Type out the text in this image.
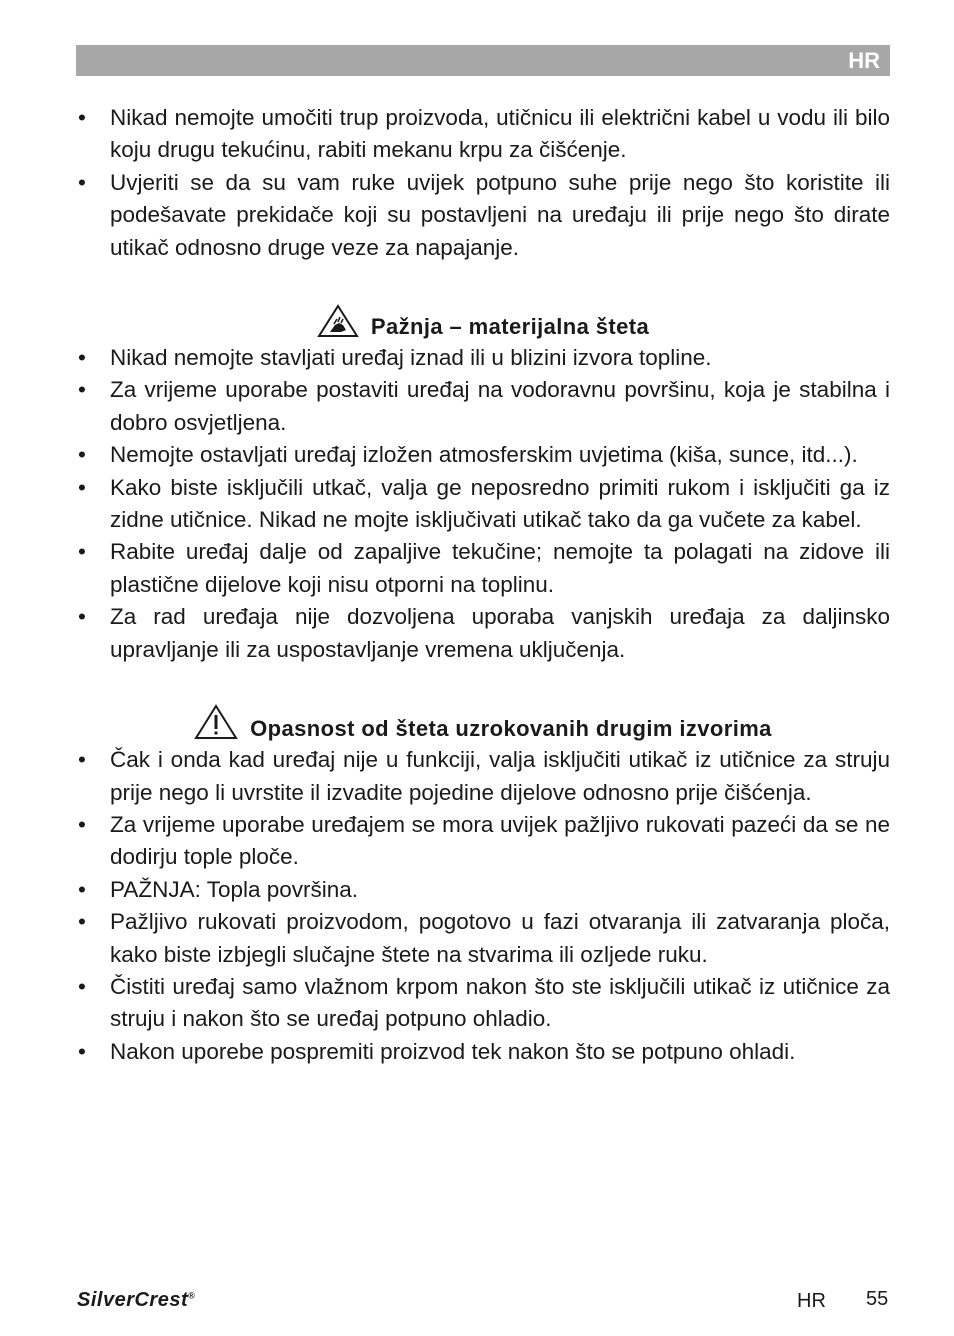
HR
• Nikad nemojte umočiti trup proizvoda, utičnicu ili električni kabel u vodu ili bilo koju drugu tekućinu, rabiti mekanu krpu za čišćenje.
• Uvjeriti se da su vam ruke uvijek potpuno suhe prije nego što koristite ili podešavate prekidače koji su postavljeni na uređaju ili prije nego što dirate utikač odnosno druge veze za napajanje.
Pažnja – materijalna šteta
• Nikad nemojte stavljati uređaj iznad ili u blizini izvora topline.
• Za vrijeme uporabe postaviti uređaj na vodoravnu površinu, koja je stabilna i dobro osvjetljena.
• Nemojte ostavljati uređaj izložen atmosferskim uvjetima (kiša, sunce, itd...).
• Kako biste isključili utkač, valja ge neposredno primiti rukom i isključiti ga iz zidne utičnice. Nikad ne mojte isključivati utikač tako da ga vučete za kabel.
• Rabite uređaj dalje od zapaljive tekučine; nemojte ta polagati na zidove ili plastične dijelove koji nisu otporni na toplinu.
• Za rad uređaja nije dozvoljena uporaba vanjskih uređaja za daljinsko upravljanje ili za uspostavljanje vremena uključenja.
Opasnost od šteta uzrokovanih drugim izvorima
• Čak i onda kad uređaj nije u funkciji, valja isključiti utikač iz utičnice za struju prije nego li uvrstite il izvadite pojedine dijelove odnosno prije čišćenja.
• Za vrijeme uporabe uređajem se mora uvijek pažljivo rukovati pazeći da se ne dodirju tople ploče.
• PAŽNJA: Topla površina.
• Pažljivo rukovati proizvodom, pogotovo u fazi otvaranja ili zatvaranja ploča, kako biste izbjegli slučajne štete na stvarima ili ozljede ruku.
• Čistiti uređaj samo vlažnom krpom nakon što ste isključili utikač iz utičnice za struju i nakon što se uređaj potpuno ohladio.
• Nakon uporebe pospremiti proizvod tek nakon što se potpuno ohladi.
SilverCrest®	HR 55
